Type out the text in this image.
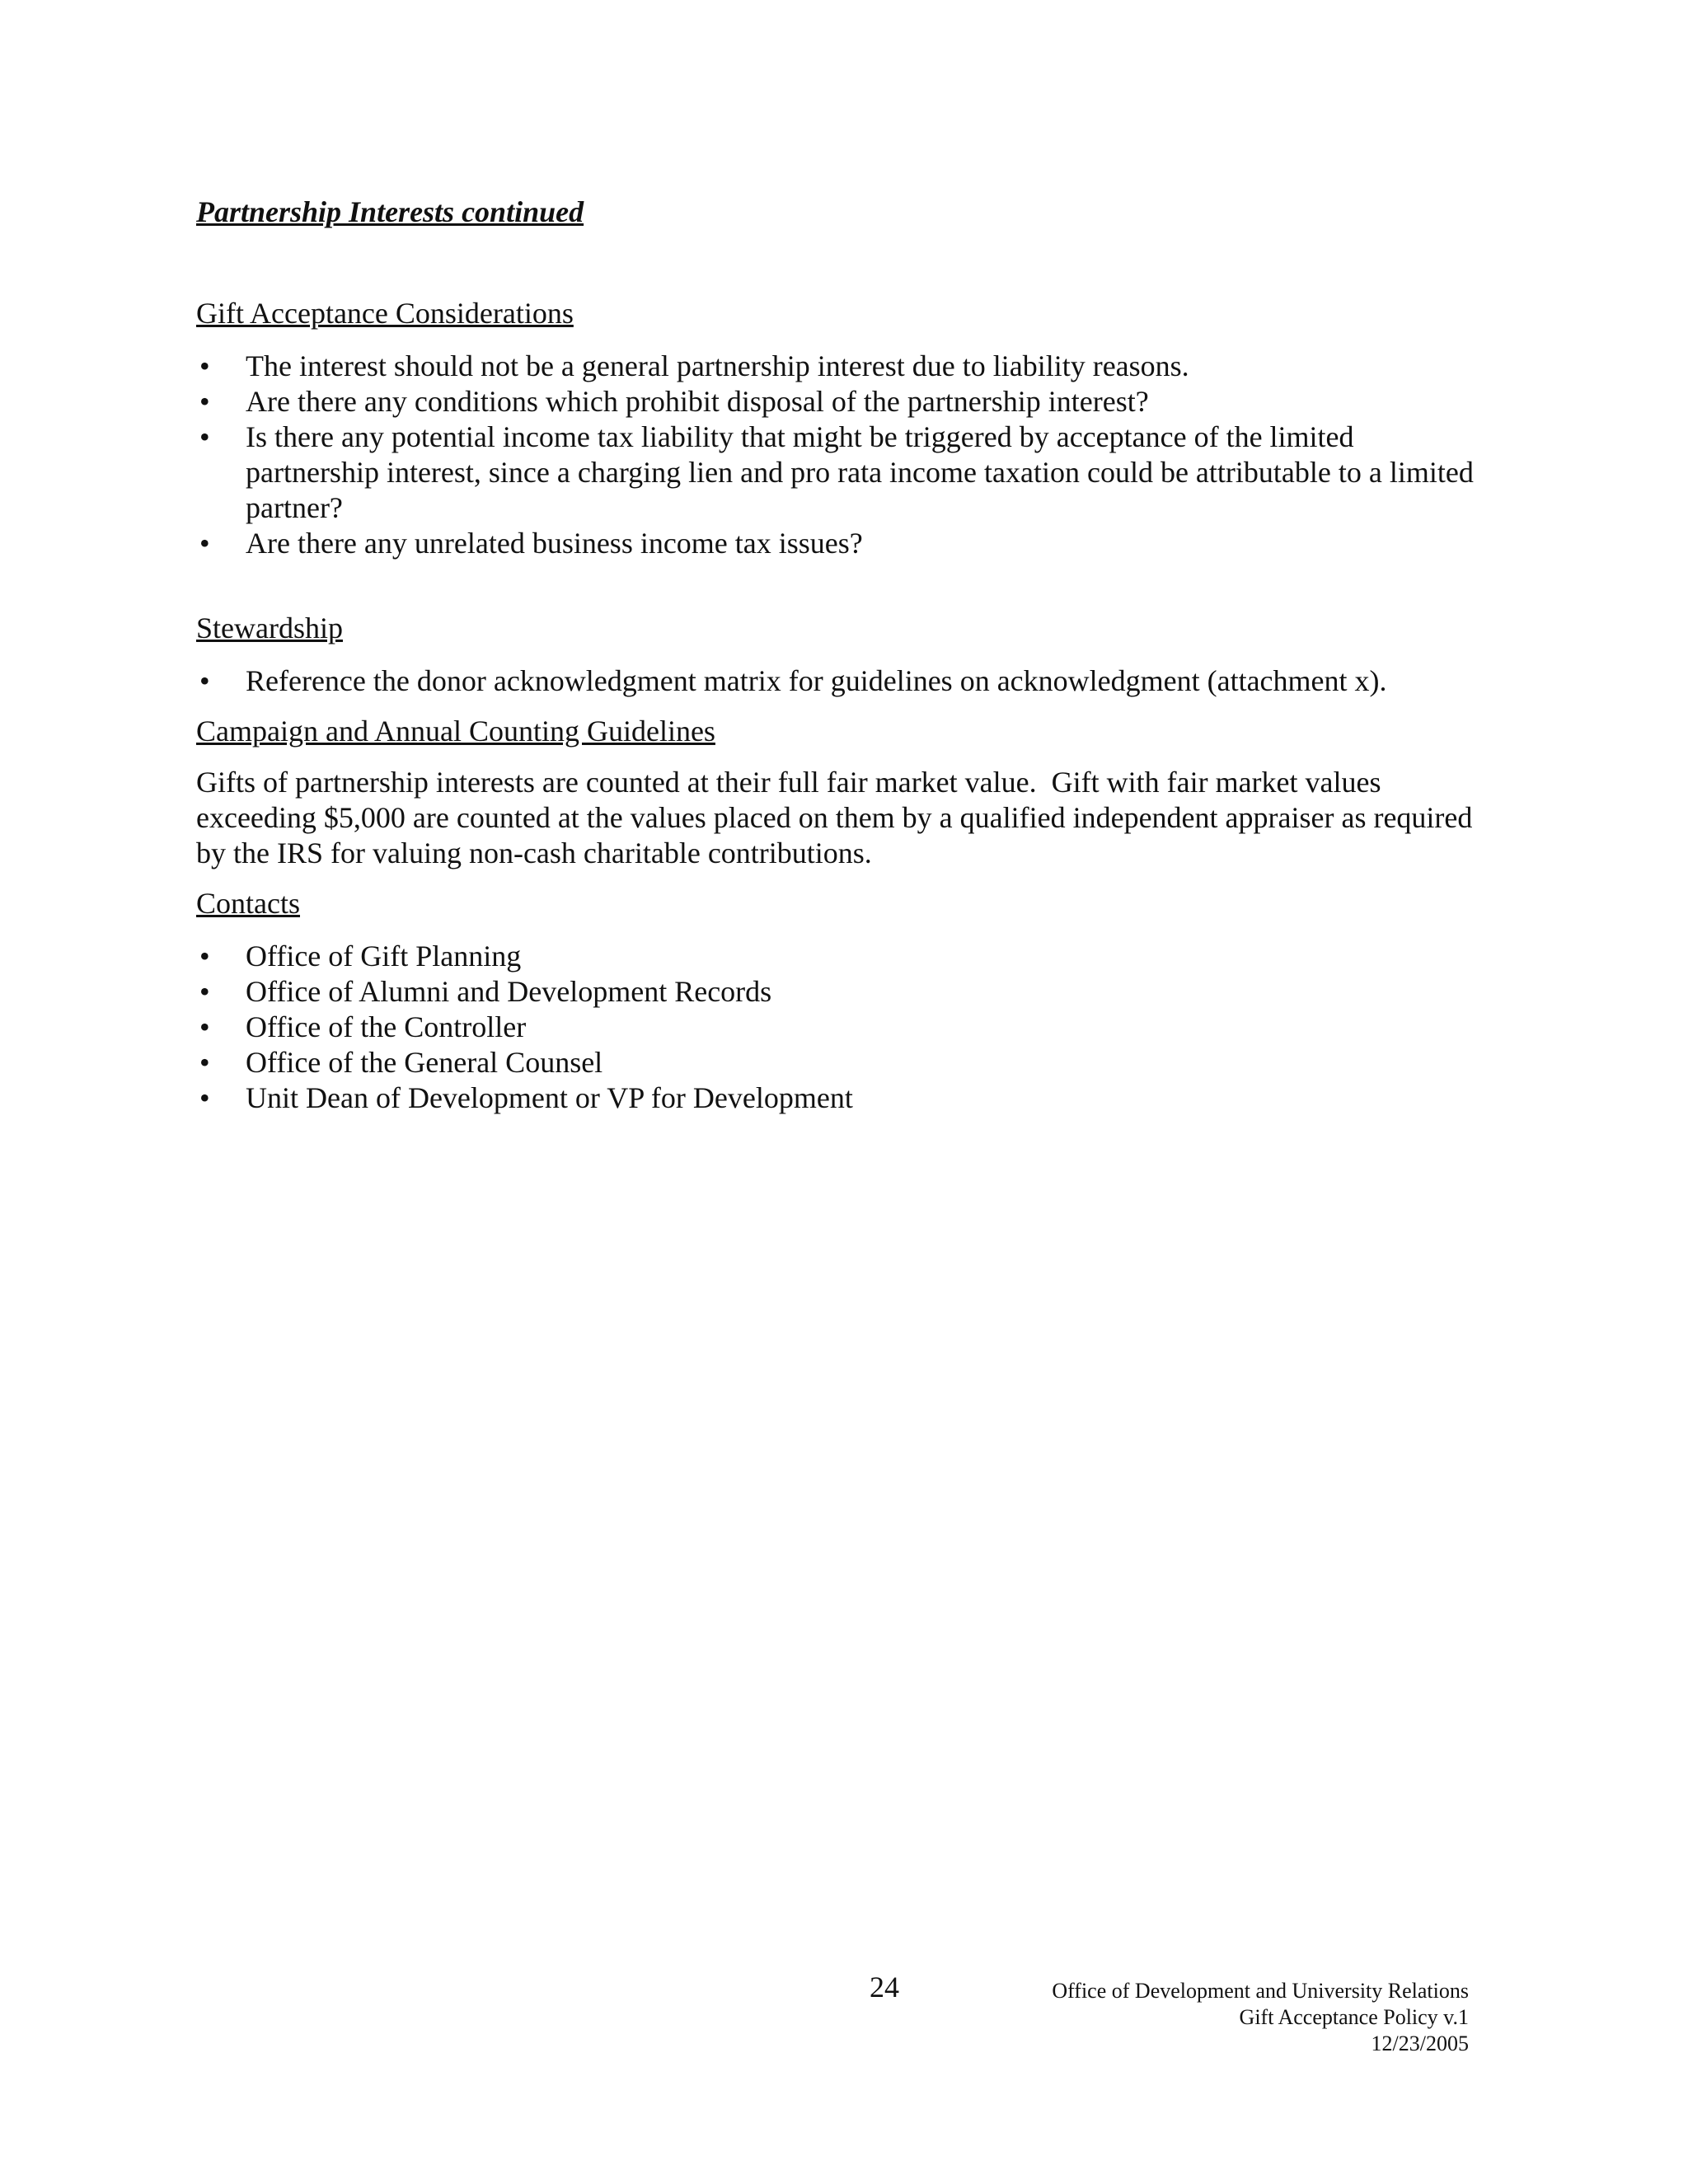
Partnership Interests continued
Gift Acceptance Considerations
•	The interest should not be a general partnership interest due to liability reasons.
•	Are there any conditions which prohibit disposal of the partnership interest?
•	Is there any potential income tax liability that might be triggered by acceptance of the limited partnership interest, since a charging lien and pro rata income taxation could be attributable to a limited partner?
•	Are there any unrelated business income tax issues?
Stewardship
•	Reference the donor acknowledgment matrix for guidelines on acknowledgment (attachment x).
Campaign and Annual Counting Guidelines

Gifts of partnership interests are counted at their full fair market value.  Gift with fair market values exceeding $5,000 are counted at the values placed on them by a qualified independent appraiser as required by the IRS for valuing non-cash charitable contributions.

Contacts
•	Office of Gift Planning
•	Office of Alumni and Development Records
•	Office of the Controller
•	Office of the General Counsel
•	Unit Dean of Development or VP for Development
24	Office of Development and University Relations
Gift Acceptance Policy v.1
12/23/2005
